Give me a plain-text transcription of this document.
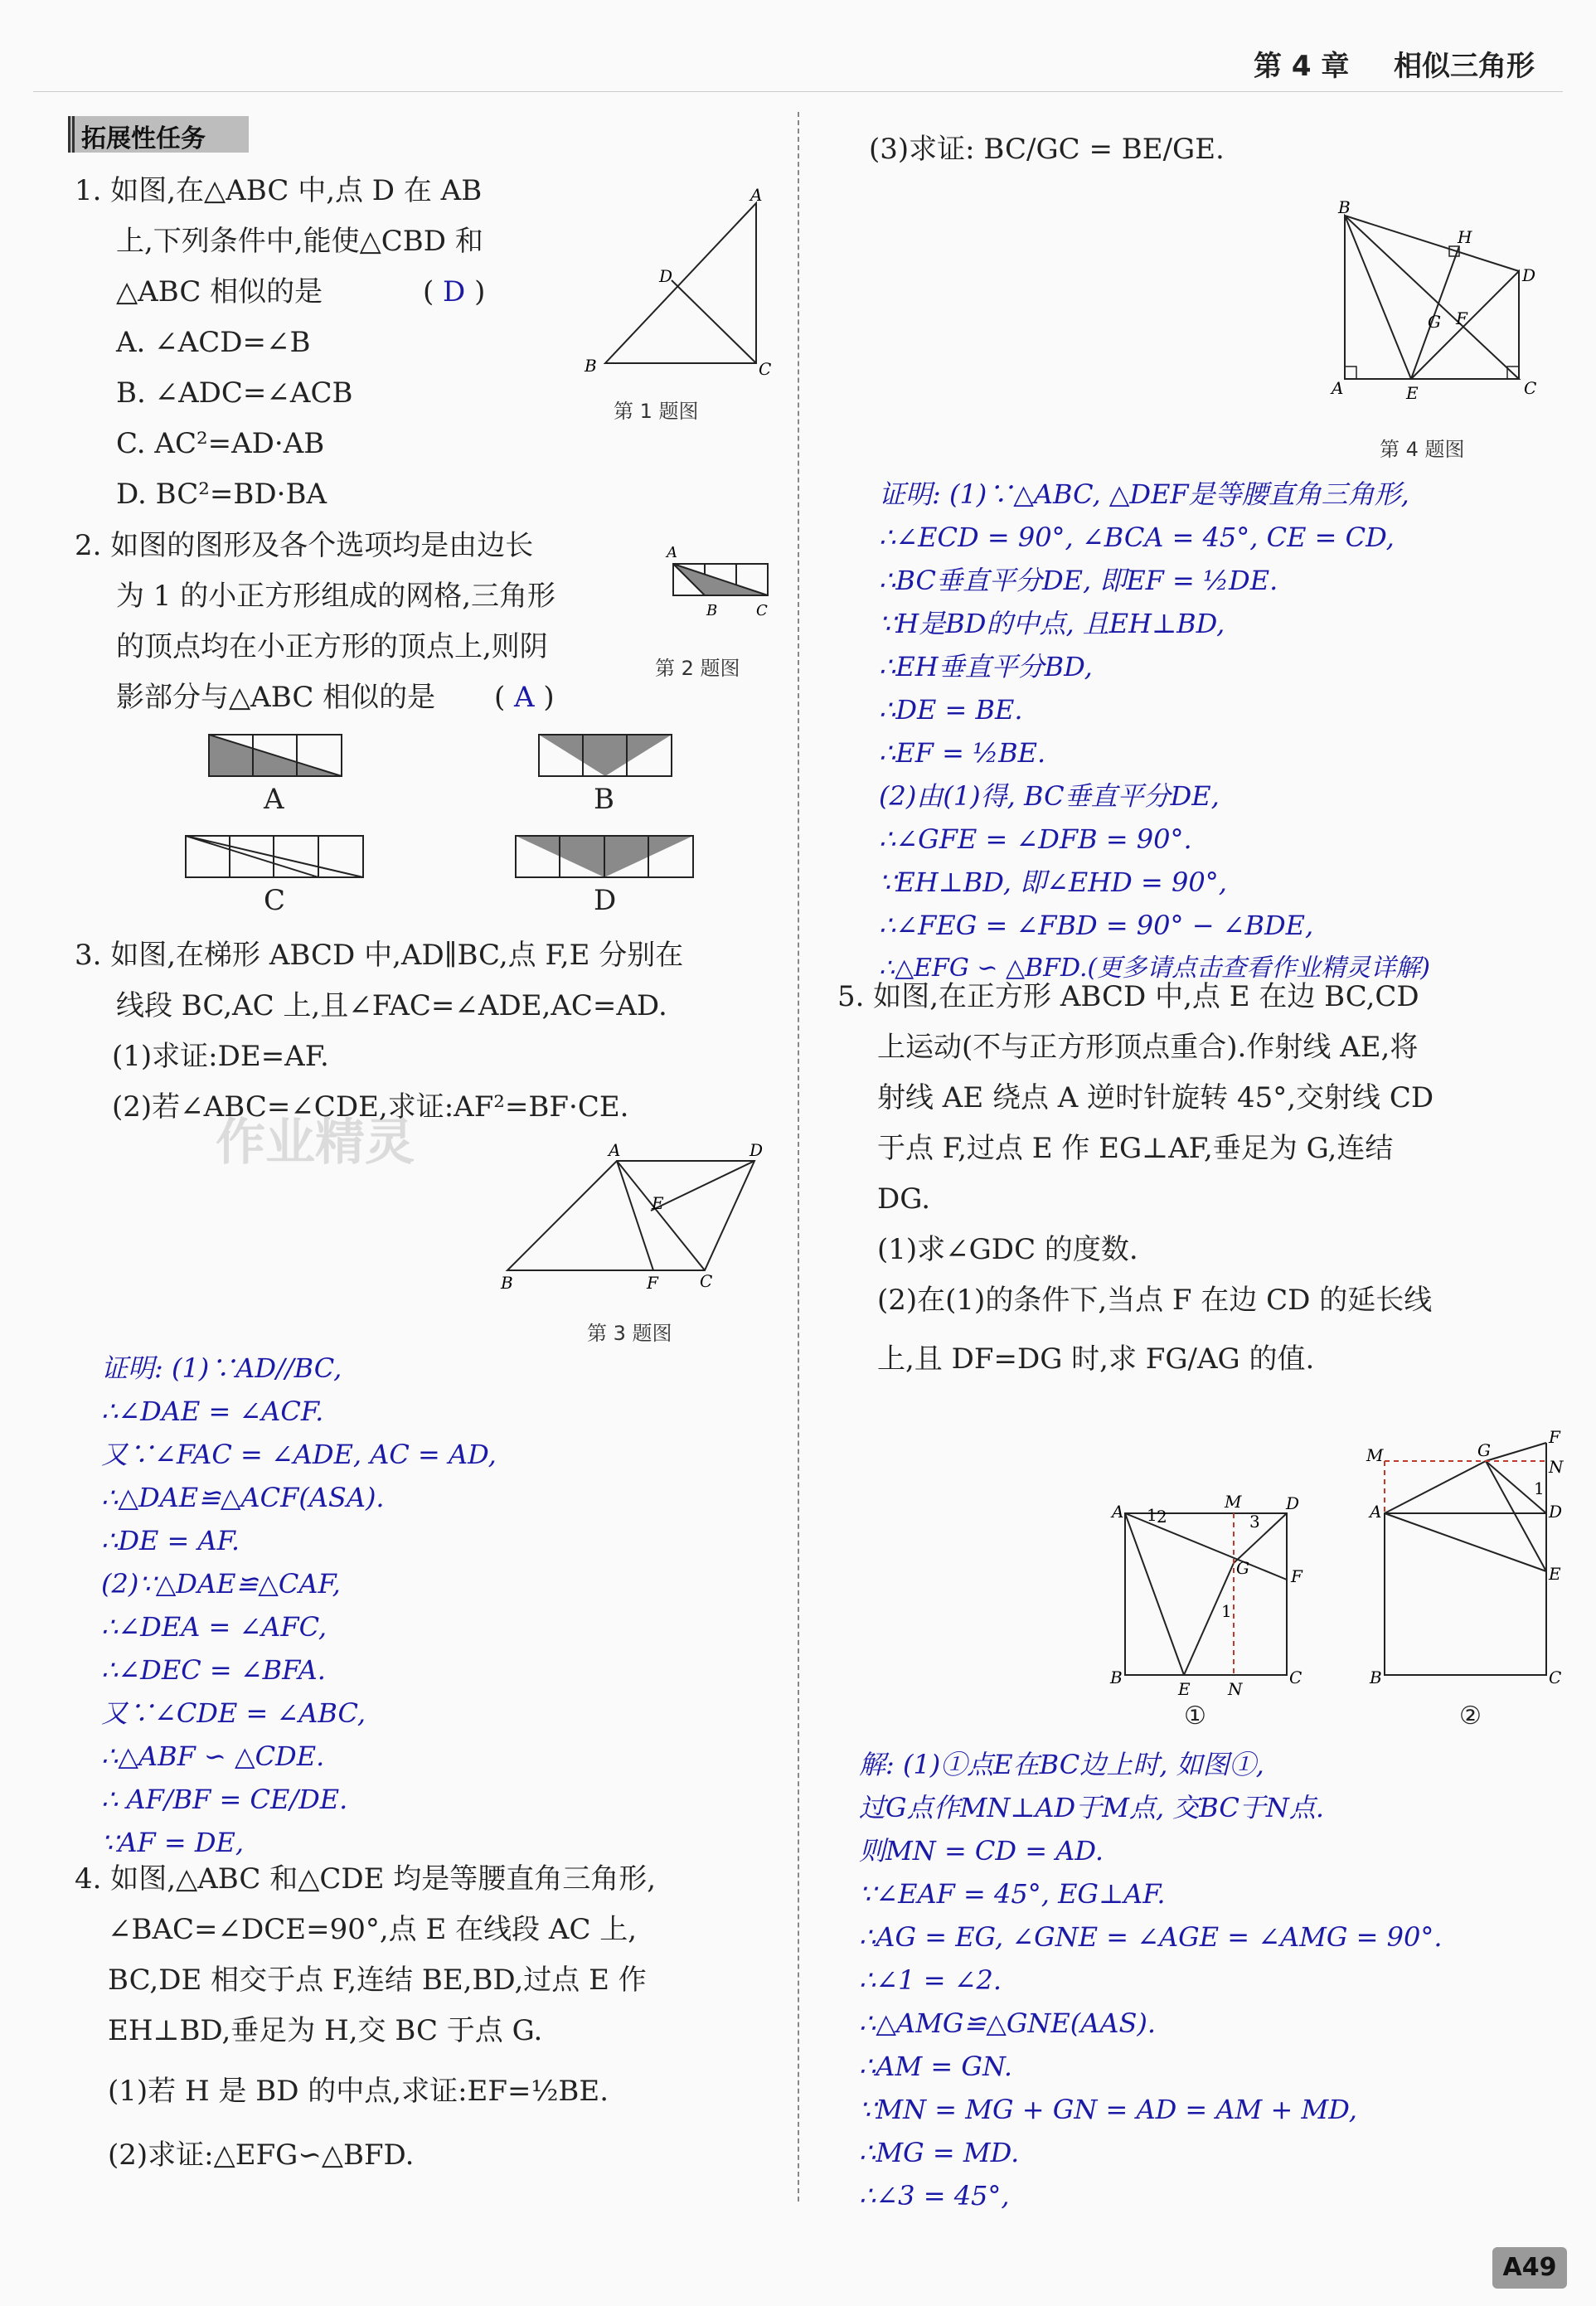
第 4 章 相似三角形
拓展性任务
1. 如图,在△ABC 中,点 D 在 AB
上,下列条件中,能使△CBD 和
△ABC 相似的是	( D )
A. ∠ACD=∠B
B. ∠ADC=∠ACB
C. AC²=AD·AB
D. BC²=BD·BA
A
D
B	C
第 1 题图
2. 如图的图形及各个选项均是由边长
为 1 的小正方形组成的网格,三角形
的顶点均在小正方形的顶点上,则阴
影部分与△ABC 相似的是 ( A )
A
B	C
第 2 题图
A	B
C	D
3. 如图,在梯形 ABCD 中,AD∥BC,点 F,E 分别在
线段 BC,AC 上,且∠FAC=∠ADE,AC=AD.
(1)求证:DE=AF.
(2)若∠ABC=∠CDE,求证:AF²=BF·CE.
作业精灵	A	D
E
B	F	C
第 3 题图
证明: (1)∵AD//BC,
∴∠DAE = ∠ACF.
又∵∠FAC = ∠ADE, AC = AD,
∴△DAE≌△ACF(ASA).
∴DE = AF.
(2)∵△DAE≌△CAF,
∴∠DEA = ∠AFC,
∴∠DEC = ∠BFA.
又∵∠CDE = ∠ABC,
∴△ABF ∽ △CDE.
∴ AF/BF = CE/DE.
∵AF = DE,
4. 如图,△ABC 和△CDE 均是等腰直角三角形,
∠BAC=∠DCE=90°,点 E 在线段 AC 上,
BC,DE 相交于点 F,连结 BE,BD,过点 E 作
EH⊥BD,垂足为 H,交 BC 于点 G.
(1)若 H 是 BD 的中点,求证:EF=½BE.
(2)求证:△EFG∽△BFD.
(3)求证: BC/GC = BE/GE.
B
H
D
G F
A	E	C
第 4 题图
证明: (1)∵△ABC, △DEF是等腰直角三角形,
∴∠ECD = 90°, ∠BCA = 45°, CE = CD,
∴BC垂直平分DE, 即EF = ½DE.
∵H是BD的中点, 且EH⊥BD,
∴EH垂直平分BD,
∴DE = BE.
∴EF = ½BE.
(2)由(1)得, BC垂直平分DE,
∴∠GFE = ∠DFB = 90°.
∵EH⊥BD, 即∠EHD = 90°,
∴∠FEG = ∠FBD = 90° − ∠BDE,
∴△EFG ∽ △BFD.(更多请点击查看作业精灵详解)
5. 如图,在正方形 ABCD 中,点 E 在边 BC,CD
上运动(不与正方形顶点重合).作射线 AE,将
射线 AE 绕点 A 逆时针旋转 45°,交射线 CD
于点 F,过点 E 作 EG⊥AF,垂足为 G,连结
DG.
(1)求∠GDC 的度数.
(2)在(1)的条件下,当点 F 在边 CD 的延长线
上,且 DF=DG 时,求 FG/AG 的值.
A 1 2
M
3
D
G	F
1
B
E N
C
①
M	G
F
N
1
D
A
E
B	C
②
解: (1)①点E在BC边上时, 如图①,
过G点作MN⊥AD于M点, 交BC于N点.
则MN = CD = AD.
∵∠EAF = 45°, EG⊥AF.
∴AG = EG, ∠GNE = ∠AGE = ∠AMG = 90°.
∴∠1 = ∠2.
∴△AMG≌△GNE(AAS).
∴AM = GN.
∵MN = MG + GN = AD = AM + MD,
∴MG = MD.
∴∠3 = 45°,
A49
